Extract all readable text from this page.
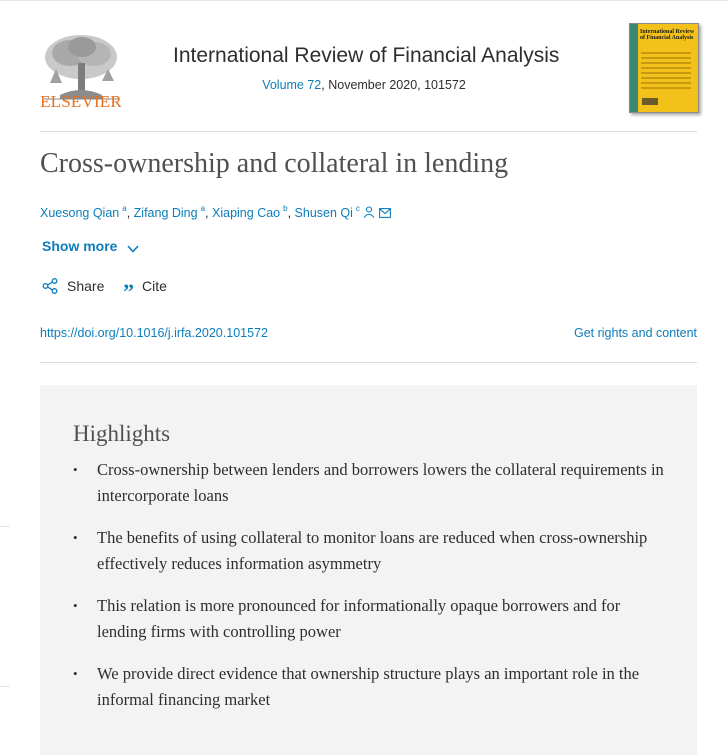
ELSEVIER
International Review of Financial Analysis
Volume 72, November 2020, 101572
International Review of Financial Analysis
Cross-ownership and collateral in lending
Xuesong Qian $^a$, Zifang Ding $^a$, Xiaping Cao $^b$, Shusen Qi $^c$
Show more
Share ” Cite
https://doi.org/10.1016/j.irfa.2020.101572	Get rights and content
Highlights
• Cross-ownership between lenders and borrowers lowers the collateral requirements in intercorporate loans
• The benefits of using collateral to monitor loans are reduced when cross-ownership effectively reduces information asymmetry
• This relation is more pronounced for informationally opaque borrowers and for lending firms with controlling power
• We provide direct evidence that ownership structure plays an important role in the informal financing market
